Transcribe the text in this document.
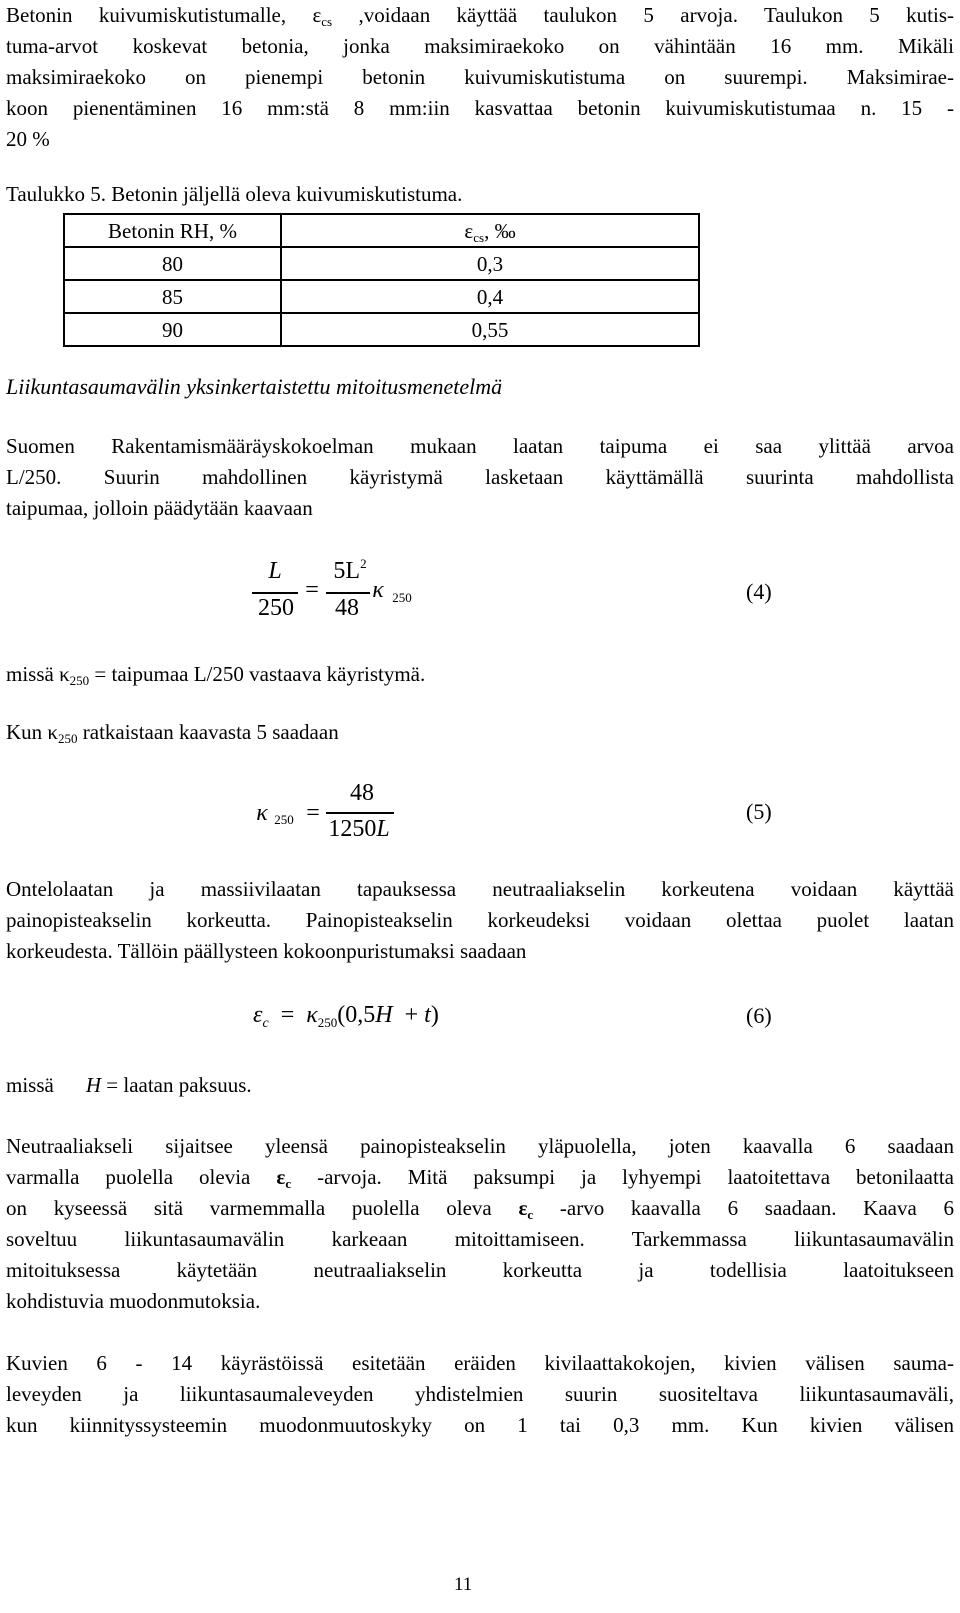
Betonin kuivumiskutistumalle, $\varepsilon_{cs}$ ,voidaan käyttää taulukon 5 arvoja. Taulukon 5 kutis-
tuma-arvot koskevat betonia, jonka maksimiraekoko on vähintään 16 mm. Mikäli
maksimiraekoko on pienempi betonin kuivumiskutistuma on suurempi. Maksimirae-
koon pienentäminen 16 mm:stä 8 mm:iin kasvattaa betonin kuivumiskutistumaa n. 15 -
20 %
Taulukko 5. Betonin jäljellä oleva kuivumiskutistuma.
Betonin RH, %	$\varepsilon_{cs}$, ‰
80	0,3
85	0,4
90	0,55
Liikuntasaumavälin yksinkertaistettu mitoitusmenetelmä
Suomen Rakentamismääräyskokoelman mukaan laatan taipuma ei saa ylittää arvoa
L/250. Suurin mahdollinen käyristymä lasketaan käyttämällä suurinta mahdollista
taipumaa, jolloin päädytään kaavaan
L
250
=
$5L^2$
48
κ 250	(4)
missä $\kappa_{250}$ = taipumaa L/250 vastaava käyristymä.
Kun $\kappa_{250}$ ratkaistaan kaavasta 5 saadaan
κ 250 =
48
1250L
(5)
Ontelolaatan ja massiivilaatan tapauksessa neutraaliakselin korkeutena voidaan käyttää
painopisteakselin korkeutta. Painopisteakselin korkeudeksi voidaan olettaa puolet laatan
korkeudesta. Tällöin päällysteen kokoonpuristumaksi saadaan
$\varepsilon_c = \kappa_{250}(0,5H + t)$	(6)
missä H = laatan paksuus.
Neutraaliakseli sijaitsee yleensä painopisteakselin yläpuolella, joten kaavalla 6 saadaan
varmalla puolella olevia $\varepsilon_c$ -arvoja. Mitä paksumpi ja lyhyempi laatoitettava betonilaatta
on kyseessä sitä varmemmalla puolella oleva $\varepsilon_c$ -arvo kaavalla 6 saadaan. Kaava 6
soveltuu liikuntasaumavälin karkeaan mitoittamiseen. Tarkemmassa liikuntasaumavälin
mitoituksessa käytetään neutraaliakselin korkeutta ja todellisia laatoitukseen
kohdistuvia muodonmutoksia.
Kuvien 6 - 14 käyrästöissä esitetään eräiden kivilaattakokojen, kivien välisen sauma-
leveyden ja liikuntasaumaleveyden yhdistelmien suurin suositeltava liikuntasaumaväli,
kun kiinnityssysteemin muodonmuutoskyky on 1 tai 0,3 mm. Kun kivien välisen
11
